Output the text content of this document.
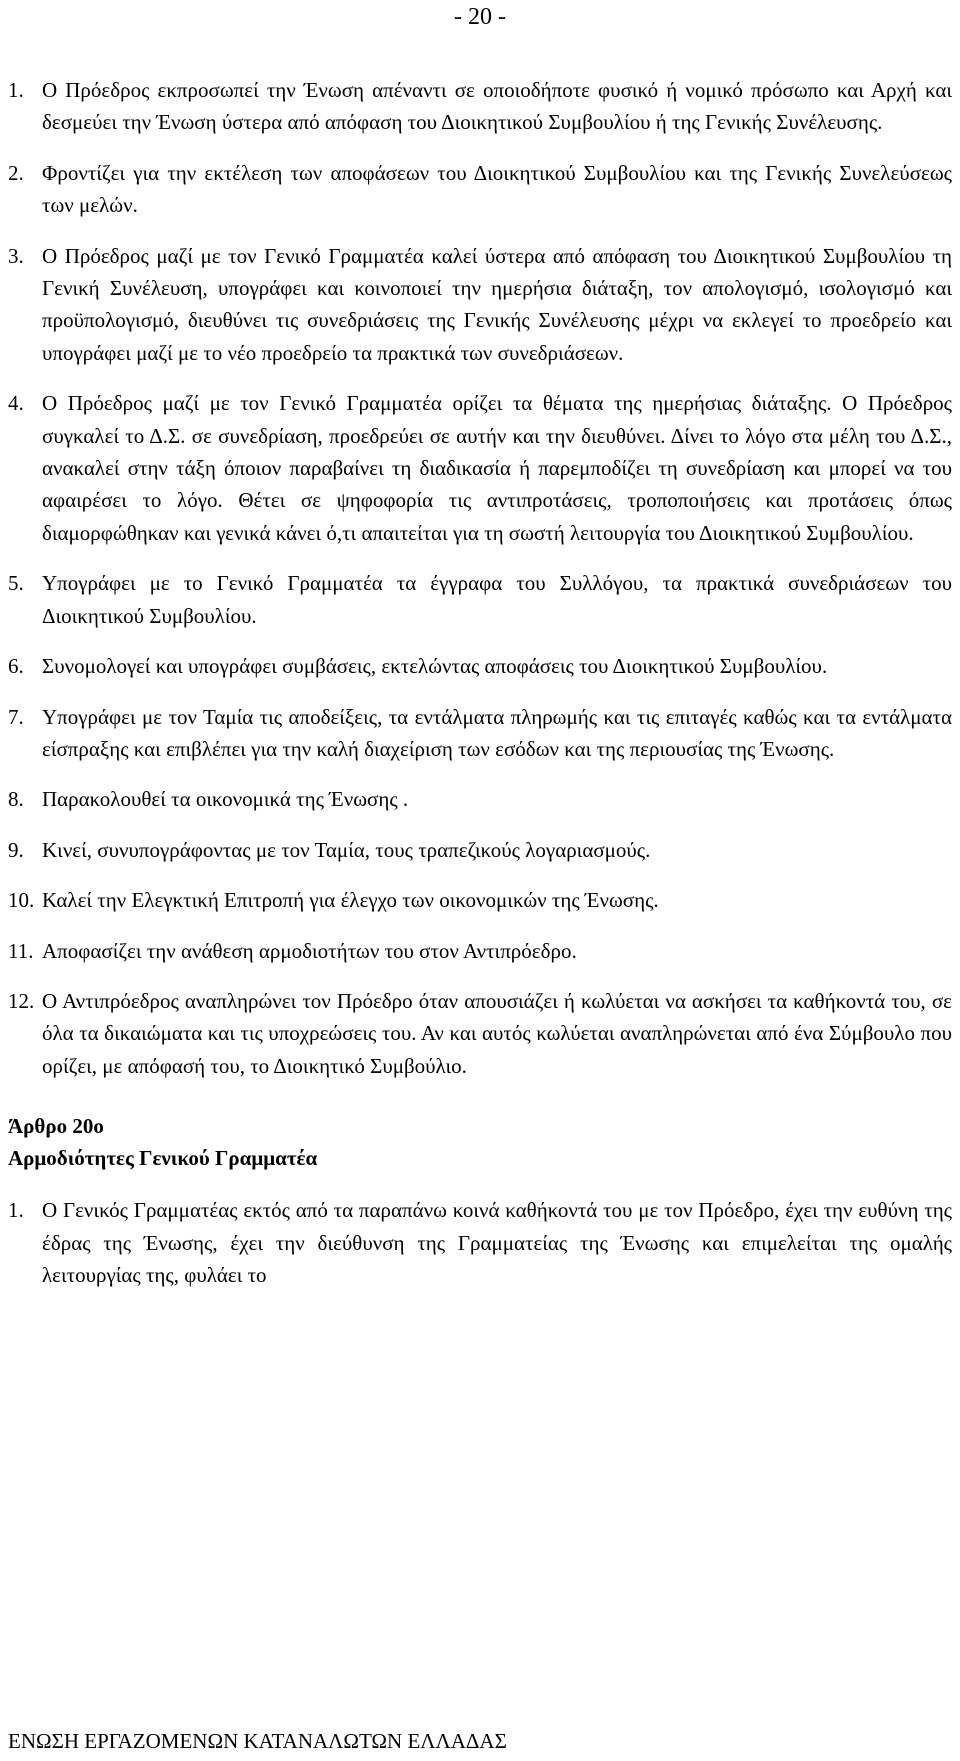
- 20 -
1. Ο Πρόεδρος εκπροσωπεί την Ένωση απέναντι σε οποιοδήποτε φυσικό ή νομικό πρόσωπο και Αρχή και δεσμεύει την Ένωση ύστερα από απόφαση του Διοικητικού Συμβουλίου ή της Γενικής Συνέλευσης.
2. Φροντίζει για την εκτέλεση των αποφάσεων του Διοικητικού Συμβουλίου και της Γενικής Συνελεύσεως των μελών.
3. Ο Πρόεδρος μαζί με τον Γενικό Γραμματέα καλεί ύστερα από απόφαση του Διοικητικού Συμβουλίου τη Γενική Συνέλευση, υπογράφει και κοινοποιεί την ημερήσια διάταξη, τον απολογισμό, ισολογισμό και προϋπολογισμό, διευθύνει τις συνεδριάσεις της Γενικής Συνέλευσης μέχρι να εκλεγεί το προεδρείο και υπογράφει μαζί με το νέο προεδρείο τα πρακτικά των συνεδριάσεων.
4. Ο Πρόεδρος μαζί με τον Γενικό Γραμματέα ορίζει τα θέματα της ημερήσιας διάταξης. Ο Πρόεδρος συγκαλεί το Δ.Σ. σε συνεδρίαση, προεδρεύει σε αυτήν και την διευθύνει. Δίνει το λόγο στα μέλη του Δ.Σ., ανακαλεί στην τάξη όποιον παραβαίνει τη διαδικασία ή παρεμποδίζει τη συνεδρίαση και μπορεί να του αφαιρέσει το λόγο. Θέτει σε ψηφοφορία τις αντιπροτάσεις, τροποποιήσεις και προτάσεις όπως διαμορφώθηκαν και γενικά κάνει ό,τι απαιτείται για τη σωστή λειτουργία του Διοικητικού Συμβουλίου.
5. Υπογράφει με το Γενικό Γραμματέα τα έγγραφα του Συλλόγου, τα πρακτικά συνεδριάσεων του Διοικητικού Συμβουλίου.
6. Συνομολογεί και υπογράφει συμβάσεις, εκτελώντας αποφάσεις του Διοικητικού Συμβουλίου.
7. Υπογράφει με τον Ταμία τις αποδείξεις, τα εντάλματα πληρωμής και τις επιταγές καθώς και τα εντάλματα είσπραξης και επιβλέπει για την καλή διαχείριση των εσόδων και της περιουσίας της Ένωσης.
8. Παρακολουθεί τα οικονομικά της Ένωσης .
9. Κινεί, συνυπογράφοντας με τον Ταμία, τους τραπεζικούς λογαριασμούς.
10. Καλεί την Ελεγκτική Επιτροπή για έλεγχο των οικονομικών της Ένωσης.
11. Αποφασίζει την ανάθεση αρμοδιοτήτων του στον Αντιπρόεδρο.
12. Ο Αντιπρόεδρος αναπληρώνει τον Πρόεδρο όταν απουσιάζει ή κωλύεται να ασκήσει τα καθήκοντά του, σε όλα τα δικαιώματα και τις υποχρεώσεις του. Αν και αυτός κωλύεται αναπληρώνεται από ένα Σύμβουλο που ορίζει, με απόφασή του, το Διοικητικό Συμβούλιο.

Άρθρο 20ο

Αρμοδιότητες Γενικού Γραμματέα

1. Ο Γενικός Γραμματέας εκτός από τα παραπάνω κοινά καθήκοντά του με τον Πρόεδρο, έχει την ευθύνη της έδρας της Ένωσης, έχει την διεύθυνση της Γραμματείας της Ένωσης και επιμελείται της ομαλής λειτουργίας της, φυλάει το
ΕΝΩΣΗ ΕΡΓΑΖΟΜΕΝΩΝ ΚΑΤΑΝΑΛΩΤΩΝ ΕΛΛΑΔΑΣ
